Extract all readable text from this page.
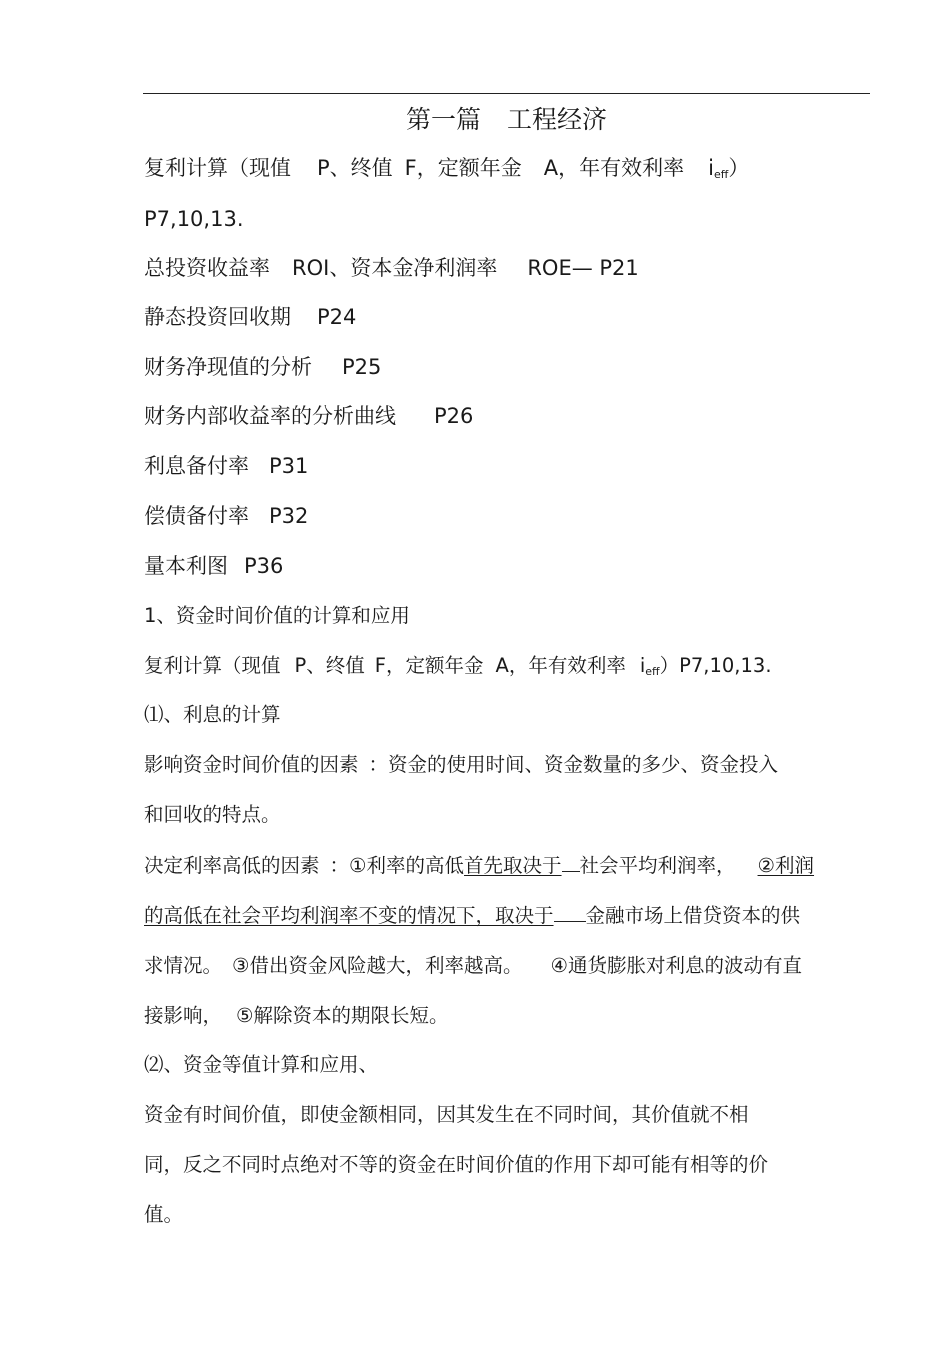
第一篇 工程经济
复利计算（现值 P、终值 F，定额年金 A，年有效利率 $i_{eff}$）
P7,10,13.
总投资收益率 ROI、资本金净利润率 ROE— P21
静态投资回收期 P24
财务净现值的分析 P25
财务内部收益率的分析曲线 P26
利息备付率 P31
偿债备付率 P32
量本利图 P36
1、资金时间价值的计算和应用
复利计算（现值 P、终值 F，定额年金 A，年有效利率 $i_{eff})P7,10,13$.
⑴、利息的计算
影响资金时间价值的因素 ：资金的使用时间、资金数量的多少、资金投入
和回收的特点。
决定利率高低的因素 ：①利率的高低首先取决于 社会平均利润率， ②利润
的高低在社会平均利润率不变的情况下，取决于 金融市场上借贷资本的供
求情况。 ③借出资金风险越大，利率越高。 ④通货膨胀对利息的波动有直
接影响， ⑤解除资本的期限长短。
⑵、资金等值计算和应用、
资金有时间价值，即使金额相同，因其发生在不同时间，其价值就不相
同，反之不同时点绝对不等的资金在时间价值的作用下却可能有相等的价
值。
